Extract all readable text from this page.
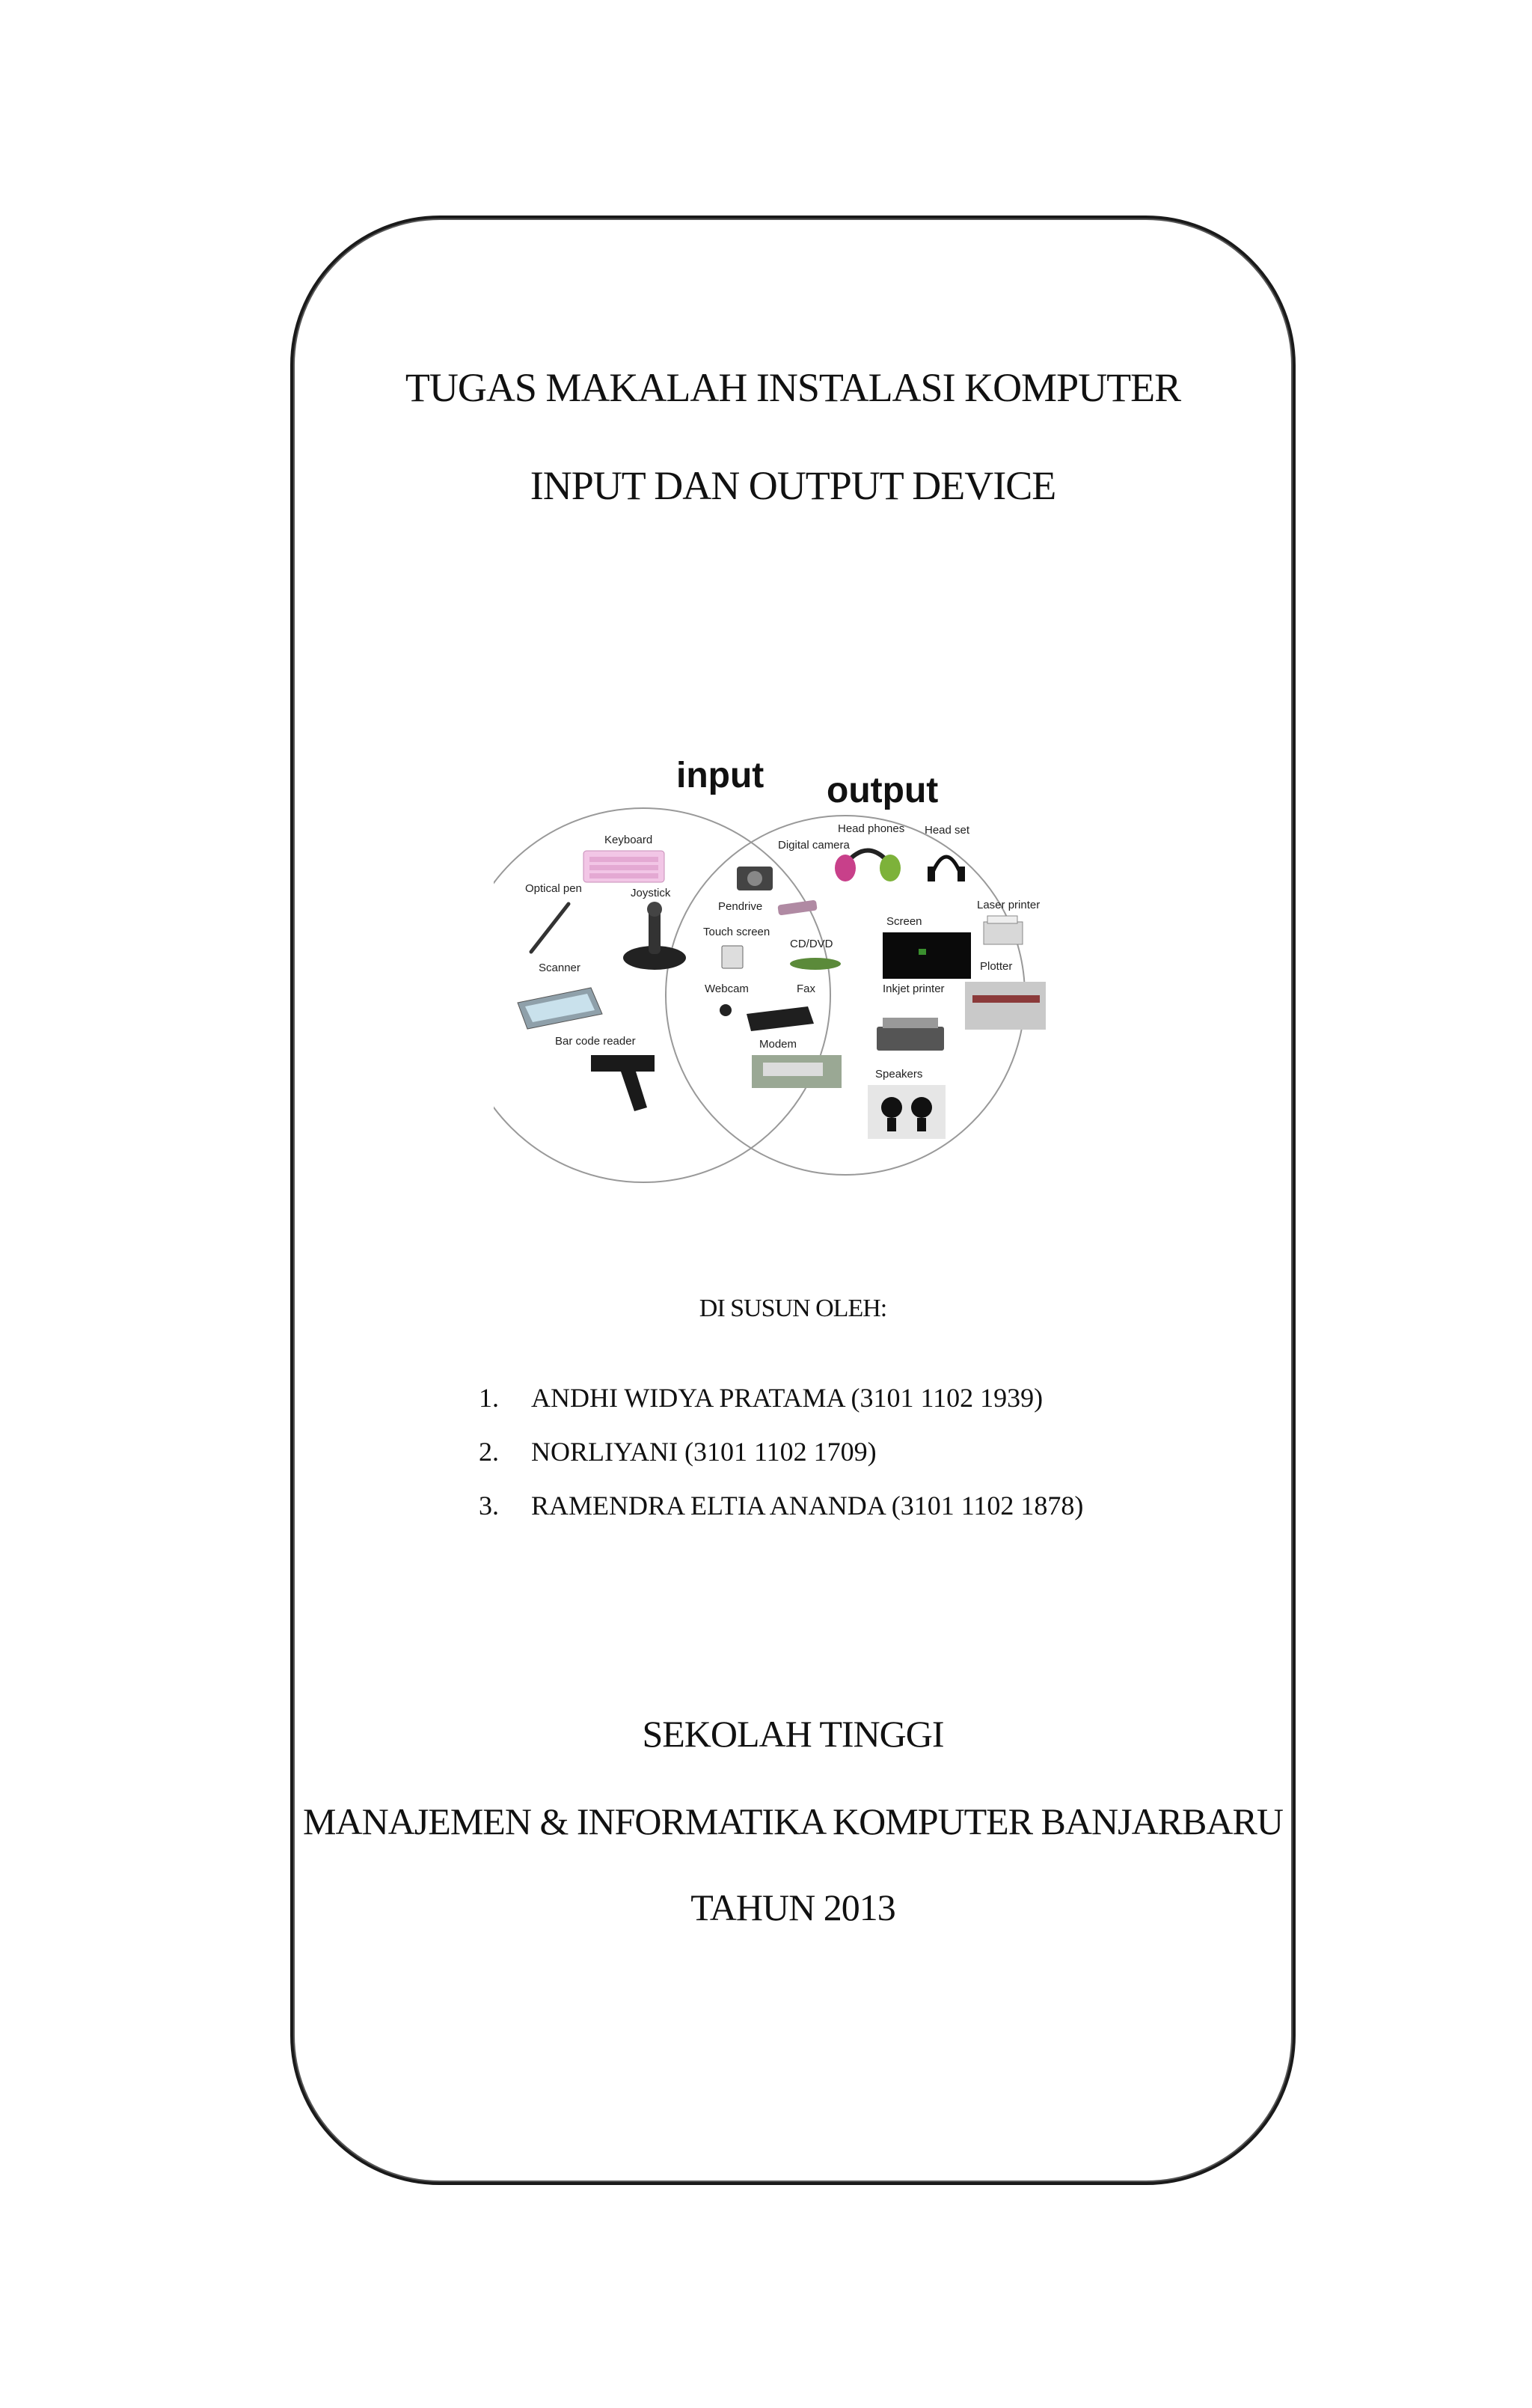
TUGAS MAKALAH INSTALASI KOMPUTER
INPUT DAN OUTPUT DEVICE
input output
Keyboard
Optical pen	Joystick
Scanner
Bar code reader
Digital camera
Pendrive
Touch screen
CD/DVD
Webcam	Fax
Modem
Head phones Head set
Screen
Laser printer
Plotter
Inkjet printer
Speakers
DI SUSUN OLEH:
1. ANDHI WIDYA PRATAMA (3101 1102 1939)
2. NORLIYANI (3101 1102 1709)
3. RAMENDRA ELTIA ANANDA (3101 1102 1878)
SEKOLAH TINGGI
MANAJEMEN & INFORMATIKA KOMPUTER BANJARBARU
TAHUN 2013
